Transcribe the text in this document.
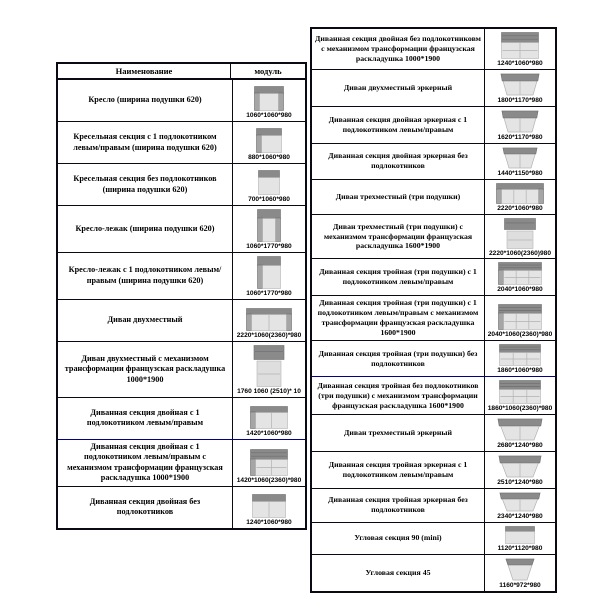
Наименование	модуль
Кресло (ширина подушки 620)
1060*1060*980
Кресельная секция с 1 подлокотником левым/правым (ширина подушки 620)
880*1060*980
Кресельная секция без подлокотников (ширина подушки 620)
700*1060*980
Кресло-лежак (ширина подушки 620)
1060*1770*980
Кресло-лежак с 1 подлокотником левым/правым (ширина подушки 620)
1060*1770*980
Диван двухместный
2220*1060(2360)*980
Диван двухместный с механизмом трансформации французская раскладушка 1000*1900
1760 1060 (2510)* 10
Диванная секция двойная с 1 подлокотником левым/правым
1420*1060*980
Диванная секция двойная с 1 подлокотником левым/правым с механизмом трансформации французская раскладушка 1000*1900	1420*1060(2360)*980
Диванная секция двойная без подлокотников
1240*1060*980
Диванная секция двойная без подлокотниковм с механизмом трансформации французская раскладушка 1000*1900
1240*1060*980
Диван двухместный эркерный
1800*1170*980
Диванная секция двойная эркерная с 1 подлокотником левым/правым
1620*1170*980
Диванная секция двойная эркерная без подлокотников
1440*1150*980
Диван трехместный (три подушки)
2220*1060*980
Диван трехместный (три подушки) с механизмом трансформации французская раскладушка 1600*1900
2220*1060(2360)980
Диванная секция тройная (три подушки) с 1 подлокотником левым/правым
2040*1060*980
Диванная секция тройная (три подушки) с 1 подлокотником левым/правым с механизмом трансформации французская раскладушка 1600*1900	2040*1060(2360)*980
Диванная секция тройная (три подушки) без подлокотников
1860*1060*980
Диванная секция тройная без подлокотников (три подушки) с механизмом трансформации французская раскладушка 1600*1900	1860*1060(2360)*980
Диван трехместный эркерный
2680*1240*980
Диванная секция тройная эркерная с 1 подлокотником левым/правым
2510*1240*980
Диванная секция тройная эркерная без подлокотников
2340*1240*980
Угловая секция 90 (mini)
1120*1120*980
Угловая секция 45
1160*972*980
